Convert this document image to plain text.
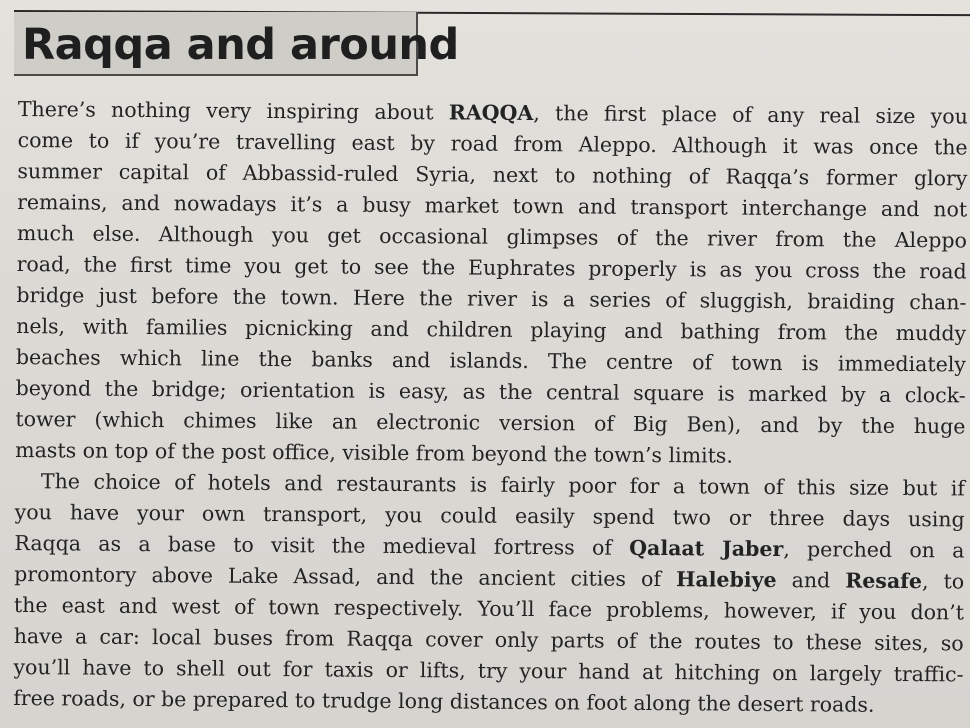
Raqqa and around
There’s nothing very inspiring about RAQQA, the first place of any real size you
come to if you’re travelling east by road from Aleppo. Although it was once the
summer capital of Abbassid-ruled Syria, next to nothing of Raqqa’s former glory
remains, and nowadays it’s a busy market town and transport interchange and not
much else. Although you get occasional glimpses of the river from the Aleppo
road, the first time you get to see the Euphrates properly is as you cross the road
bridge just before the town. Here the river is a series of sluggish, braiding chan-
nels, with families picnicking and children playing and bathing from the muddy
beaches which line the banks and islands. The centre of town is immediately
beyond the bridge; orientation is easy, as the central square is marked by a clock-
tower (which chimes like an electronic version of Big Ben), and by the huge
masts on top of the post office, visible from beyond the town’s limits.
The choice of hotels and restaurants is fairly poor for a town of this size but if
you have your own transport, you could easily spend two or three days using
Raqqa as a base to visit the medieval fortress of Qalaat Jaber, perched on a
promontory above Lake Assad, and the ancient cities of Halebiye and Resafe, to
the east and west of town respectively. You’ll face problems, however, if you don’t
have a car: local buses from Raqqa cover only parts of the routes to these sites, so
you’ll have to shell out for taxis or lifts, try your hand at hitching on largely traffic-
free roads, or be prepared to trudge long distances on foot along the desert roads.
